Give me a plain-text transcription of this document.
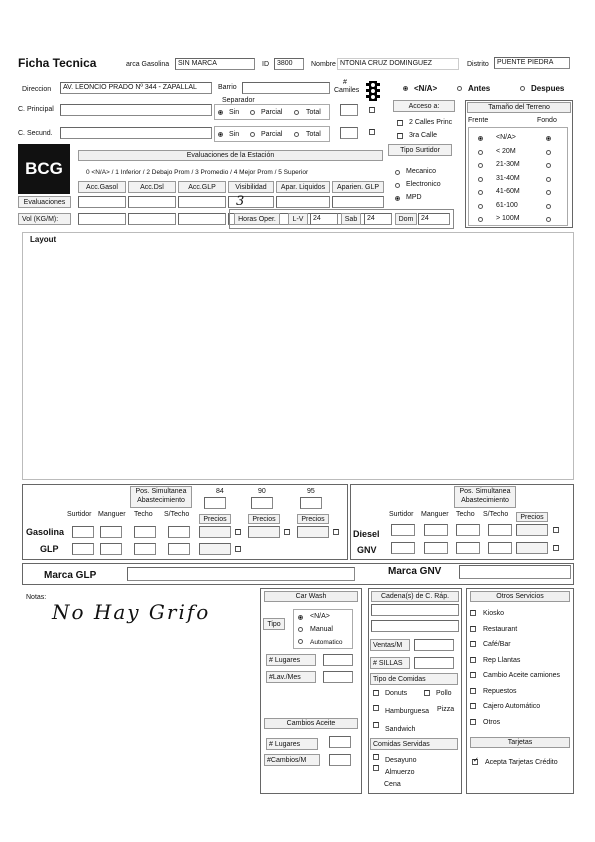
Ficha Tecnica	arca Gasolina	SIN MARCA	ID	3800	Nombre NTONIA CRUZ DOMINGUEZ	Distrito	PUENTE PIEDRA
Direccion	AV. LEONCIO PRADO Nº 344 - ZAPALLAL	Barrio
Separador
#
Camiles
C. Principal	Sin	Parcial	Total
C. Secund.	Sin	Parcial	Total
<N/A>	Antes	Despues
Acceso a:
2 Calles Princ
3ra Calle
Tipo Surtidor
Mecanico
Electronico
MPD
Tamaño del Terreno
Frente	Fondo
<N/A>
< 20M
21-30M
31-40M
41-60M
61-100
> 100M
BCG
Evaluaciones
Vol (KG/M):
Evaluaciones de la Estación
0 <N/A> / 1 Inferior / 2 Debajo Prom / 3 Promedio / 4 Mejor Prom / 5 Superior
Acc.Gasol	Acc.Dsl	Acc.GLP	Visibilidad	Apar. Liquidos	Aparien. GLP
3
Horas Oper.	L-V	24	Sab	24	Dom	24
Layout
Pos. Simultanea Abastecimiento
Surtidor Manguer Techo S/Techo
84	90	95
Precios	Precios	Precios
Gasolina
GLP
Pos. Simultanea Abastecimiento
Surtidor Manguer Techo S/Techo	Precios
Diesel
GNV
Marca GLP	Marca GNV
Notas:
No Hay Grifo
Car Wash
Tipo
<N/A>
Manual
Automatico
# Lugares
#Lav./Mes
Cambios Aceite
# Lugares
#Cambios/M
Cadena(s) de C. Ráp.
Ventas/M
# SILLAS
Tipo de Comidas
Donuts	Pollo
Hamburguesa Pizza
Sandwich
Comidas Servidas
Desayuno
Almuerzo
Cena
Otros Servicios
Kiosko
Restaurant
Café/Bar
Rep Llantas
Cambio Aceite camiones
Repuestos
Cajero Automático
Otros
Tarjetas
✓
Acepta Tarjetas Crédito
